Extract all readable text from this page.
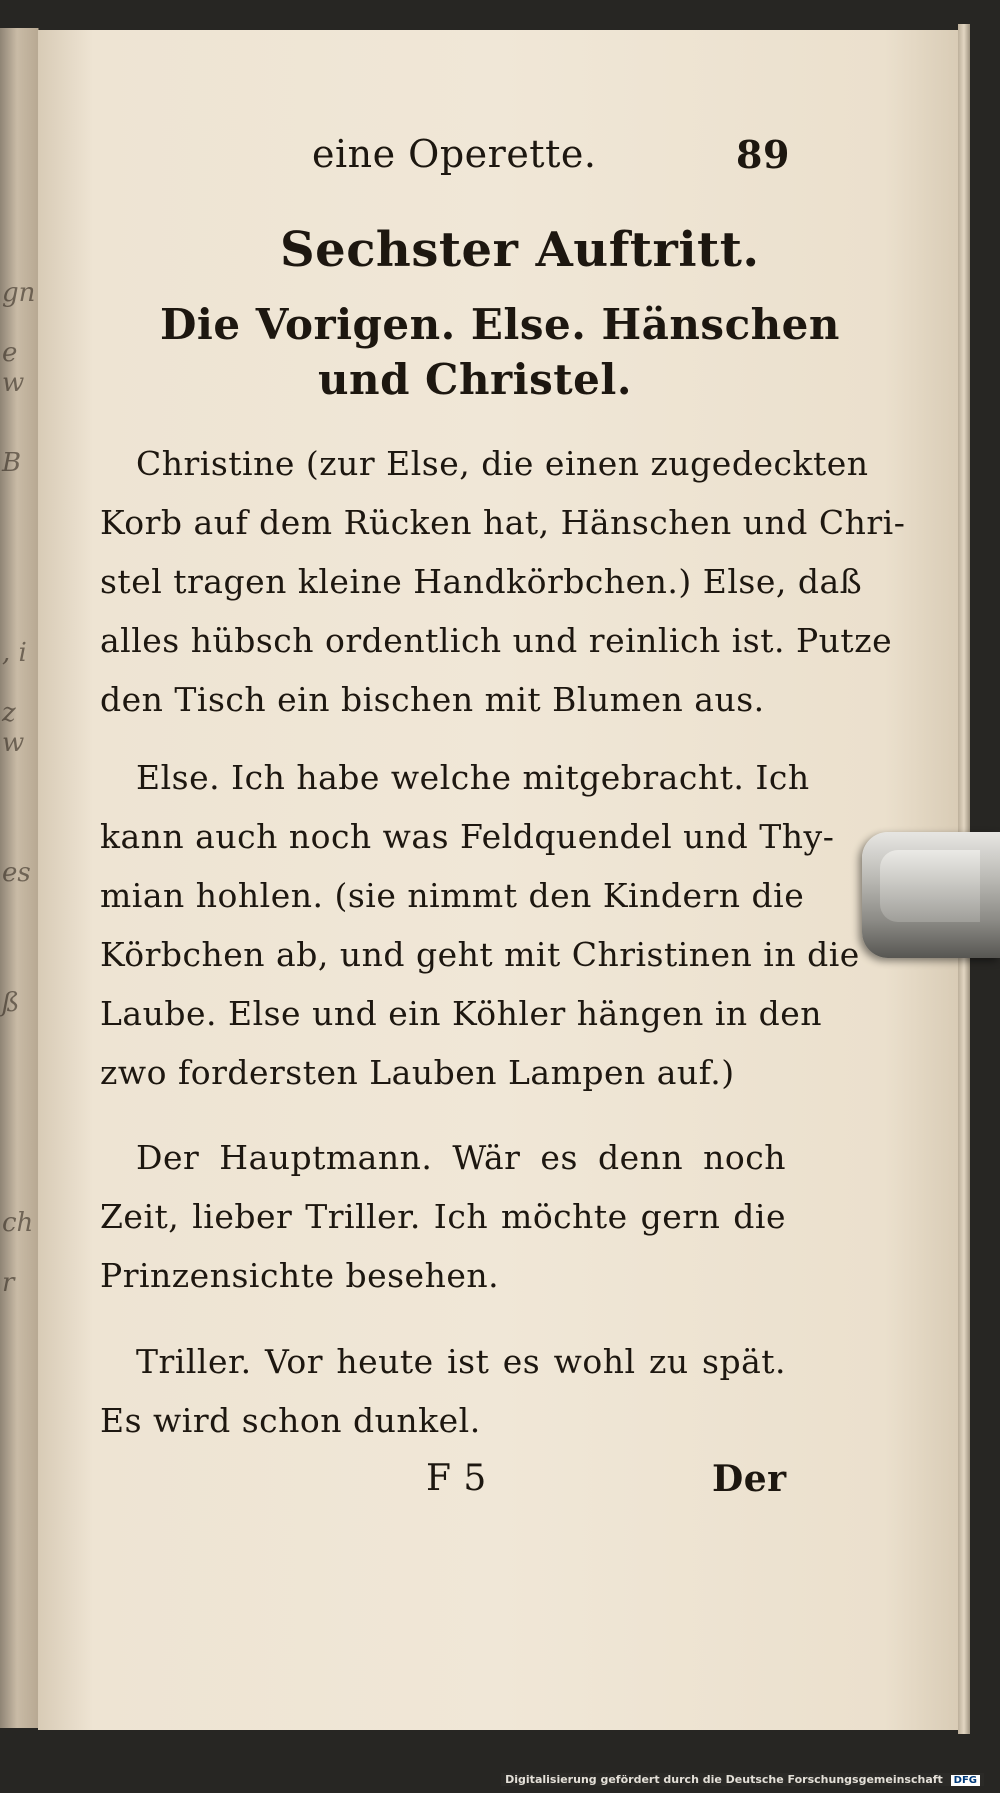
gn
e w
B
, i
z w
es
ß
ch
r
eine Operette.	89
Sechster Auftritt.
Die Vorigen. Else. Hänschen
und Christel.
Christine (zur Else, die einen zugedeckten
Korb auf dem Rücken hat, Hänschen und Chri-
stel tragen kleine Handkörbchen.) Else, daß
alles hübsch ordentlich und reinlich ist. Putze
den Tisch ein bischen mit Blumen aus.
Else. Ich habe welche mitgebracht. Ich
kann auch noch was Feldquendel und Thy-
mian hohlen. (sie nimmt den Kindern die
Körbchen ab, und geht mit Christinen in die
Laube. Else und ein Köhler hängen in den
zwo fordersten Lauben Lampen auf.)
Der Hauptmann. Wär es denn noch
Zeit, lieber Triller. Ich möchte gern die
Prinzensichte besehen.
Triller. Vor heute ist es wohl zu spät.
Es wird schon dunkel.
F 5	Der
Digitalisierung gefördert durch die Deutsche Forschungsgemeinschaft DFG
